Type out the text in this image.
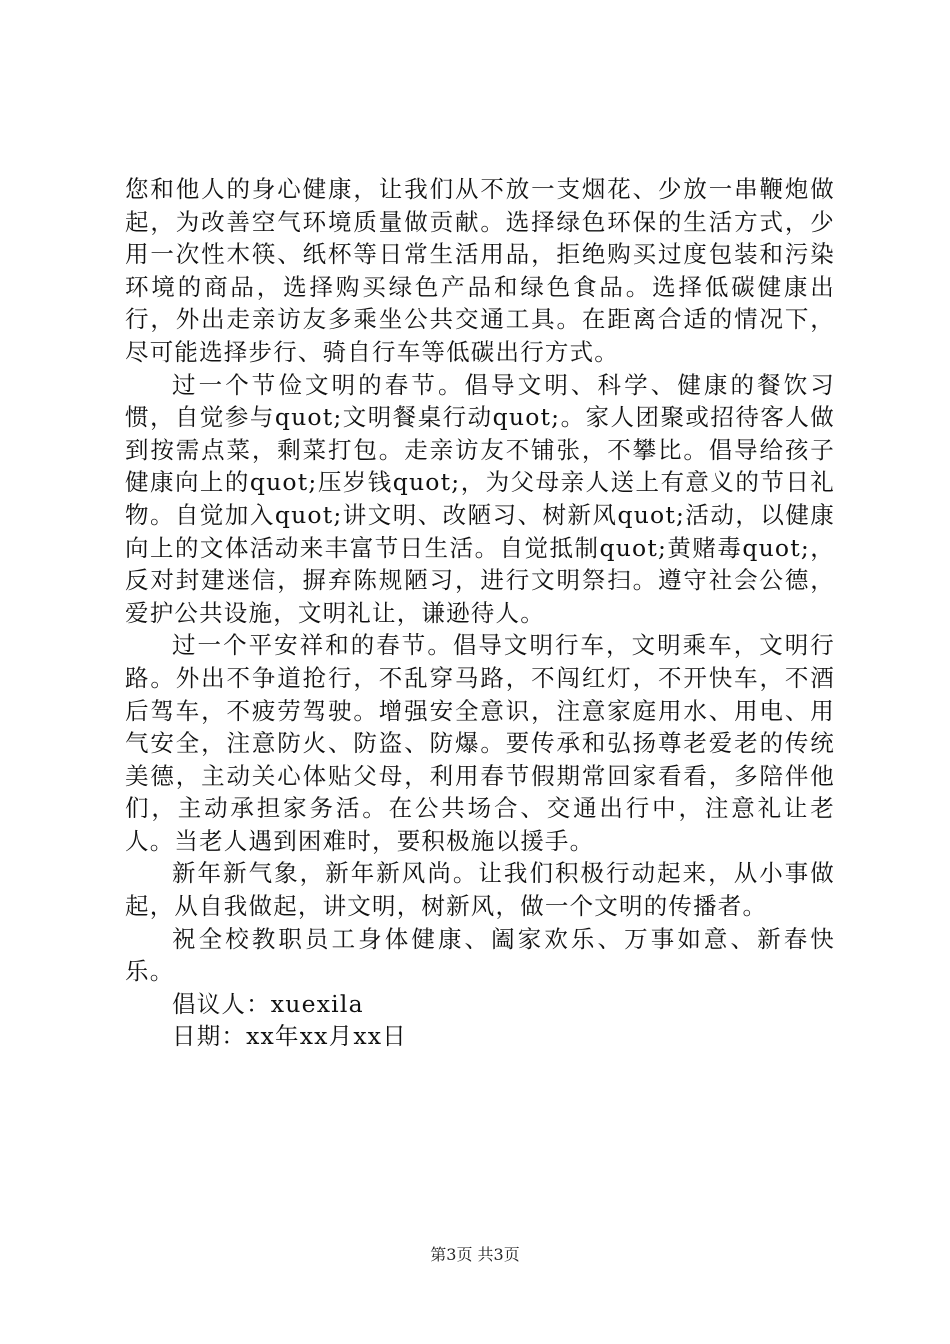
您和他人的身心健康，让我们从不放一支烟花、少放一串鞭炮做起，为改善空气环境质量做贡献。选择绿色环保的生活方式，少用一次性木筷、纸杯等日常生活用品，拒绝购买过度包装和污染环境的商品，选择购买绿色产品和绿色食品。选择低碳健康出行，外出走亲访友多乘坐公共交通工具。在距离合适的情况下，尽可能选择步行、骑自行车等低碳出行方式。

过一个节俭文明的春节。倡导文明、科学、健康的餐饮习惯，自觉参与quot;文明餐桌行动quot;。家人团聚或招待客人做到按需点菜，剩菜打包。走亲访友不铺张，不攀比。倡导给孩子健康向上的quot;压岁钱quot;，为父母亲人送上有意义的节日礼物。自觉加入quot;讲文明、改陋习、树新风quot;活动，以健康向上的文体活动来丰富节日生活。自觉抵制quot;黄赌毒quot;，反对封建迷信，摒弃陈规陋习，进行文明祭扫。遵守社会公德，爱护公共设施，文明礼让，谦逊待人。

过一个平安祥和的春节。倡导文明行车，文明乘车，文明行路。外出不争道抢行，不乱穿马路，不闯红灯，不开快车，不酒后驾车，不疲劳驾驶。增强安全意识，注意家庭用水、用电、用气安全，注意防火、防盗、防爆。要传承和弘扬尊老爱老的传统美德，主动关心体贴父母，利用春节假期常回家看看，多陪伴他们，主动承担家务活。在公共场合、交通出行中，注意礼让老人。当老人遇到困难时，要积极施以援手。

新年新气象，新年新风尚。让我们积极行动起来，从小事做起，从自我做起，讲文明，树新风，做一个文明的传播者。

祝全校教职员工身体健康、阖家欢乐、万事如意、新春快乐。

倡议人：xuexila

日期：xx年xx月xx日

第3页 共3页
